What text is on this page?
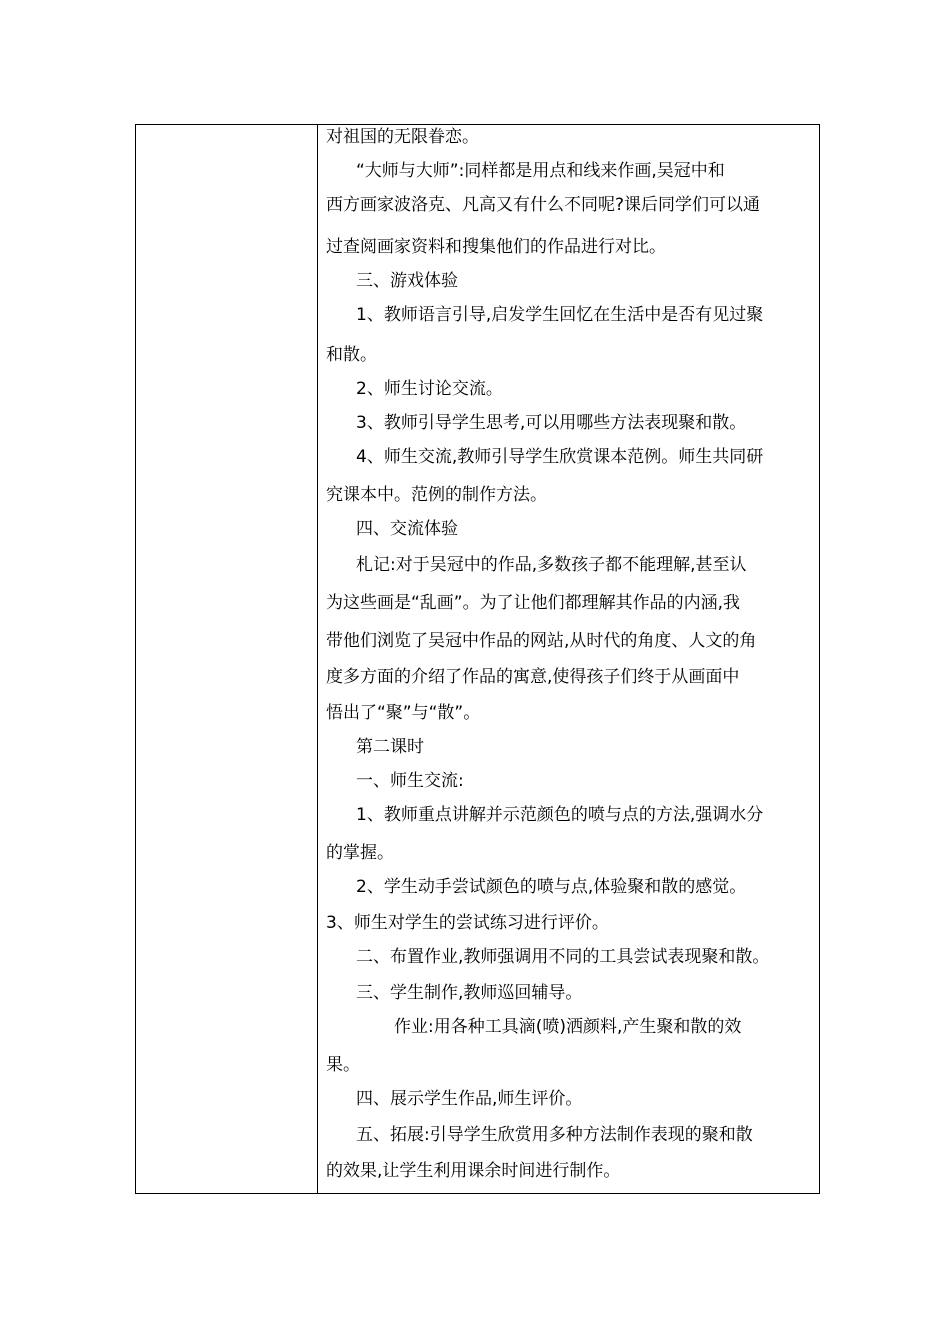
对祖国的无限眷恋。
“大师与大师”:同样都是用点和线来作画,吴冠中和
西方画家波洛克、凡高又有什么不同呢?课后同学们可以通
过查阅画家资料和搜集他们的作品进行对比。
三、游戏体验
1、教师语言引导,启发学生回忆在生活中是否有见过聚
和散。
2、师生讨论交流。
3、教师引导学生思考,可以用哪些方法表现聚和散。
4、师生交流,教师引导学生欣赏课本范例。师生共同研
究课本中。范例的制作方法。
四、交流体验
札记:对于吴冠中的作品,多数孩子都不能理解,甚至认
为这些画是“乱画”。为了让他们都理解其作品的内涵,我
带他们浏览了吴冠中作品的网站,从时代的角度、人文的角
度多方面的介绍了作品的寓意,使得孩子们终于从画面中
悟出了“聚”与“散”。
第二课时
一、师生交流:
1、教师重点讲解并示范颜色的喷与点的方法,强调水分
的掌握。
2、学生动手尝试颜色的喷与点,体验聚和散的感觉。
3、师生对学生的尝试练习进行评价。
二、布置作业,教师强调用不同的工具尝试表现聚和散。
三、学生制作,教师巡回辅导。
作业:用各种工具滴(喷)洒颜料,产生聚和散的效
果。
四、展示学生作品,师生评价。
五、拓展:引导学生欣赏用多种方法制作表现的聚和散
的效果,让学生利用课余时间进行制作。
